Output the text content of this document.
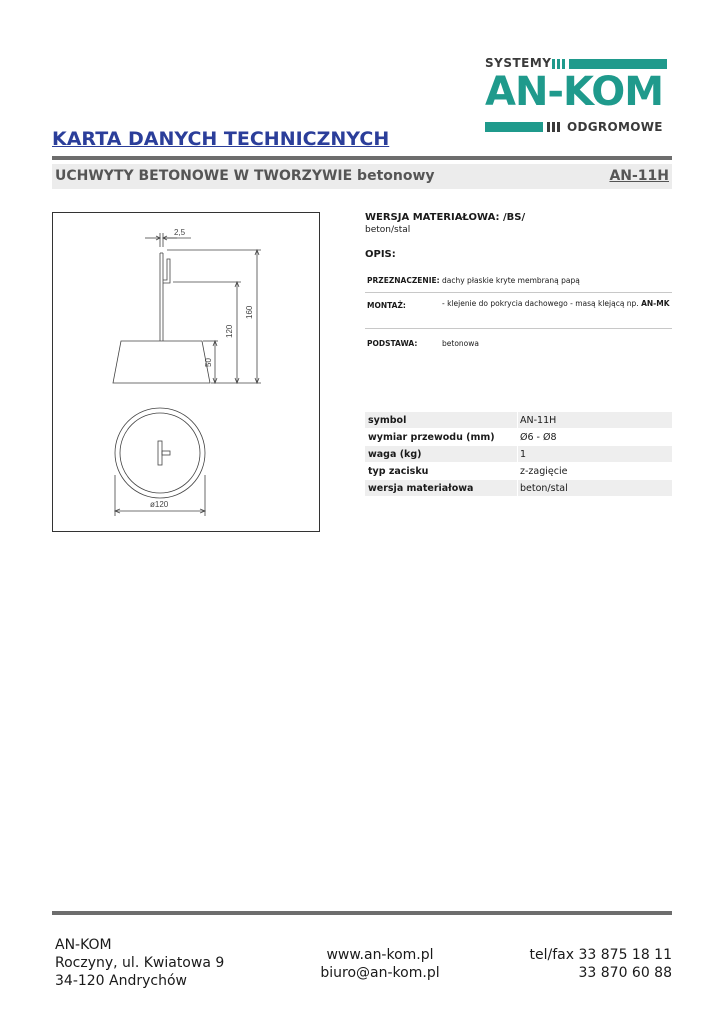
SYSTEMY
AN-KOM
ODGROMOWE
KARTA DANYCH TECHNICZNYCH
UCHWYTY BETONOWE W TWORZYWIE betonowy	AN-11H
2,5
160
120
50
ø120
WERSJA MATERIAŁOWA: /BS/
beton/stal
OPIS:
PRZEZNACZENIE: dachy płaskie kryte membraną papą
MONTAŻ:	- klejenie do pokrycia dachowego - masą klejącą np. AN-MK
PODSTAWA:	betonowa
symbol	AN-11H
wymiar przewodu (mm)	Ø6 - Ø8
waga (kg)	1
typ zacisku	z-zagięcie
wersja materiałowa	beton/stal
AN-KOM
Roczyny, ul. Kwiatowa 9
34-120 Andrychów
www.an-kom.pl
biuro@an-kom.pl
tel/fax 33 875 18 11
33 870 60 88
